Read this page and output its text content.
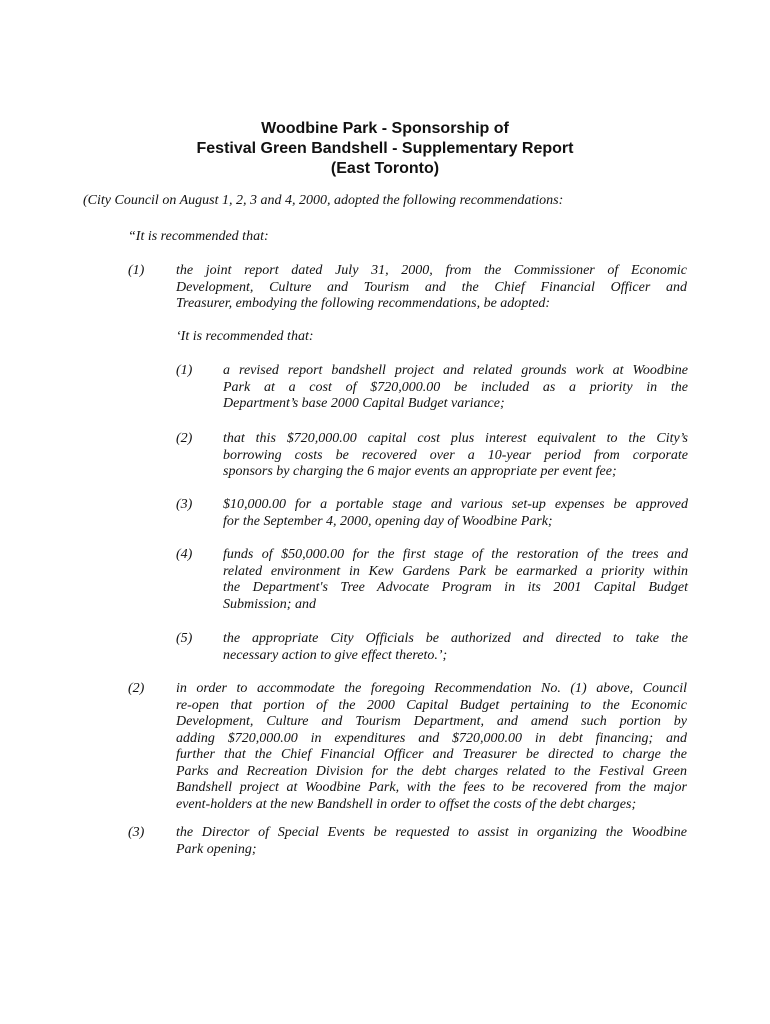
Woodbine Park - Sponsorship of
Festival Green Bandshell - Supplementary Report
(East Toronto)
(City Council on August 1, 2, 3 and 4, 2000, adopted the following recommendations:
“It is recommended that:
(1)	the joint report dated July 31, 2000, from the Commissioner of Economic
Development, Culture and Tourism and the Chief Financial Officer and
Treasurer, embodying the following recommendations, be adopted:
‘It is recommended that:
(1)	a revised report bandshell project and related grounds work at Woodbine
Park at a cost of $720,000.00 be included as a priority in the
Department’s base 2000 Capital Budget variance;
(2)	that this $720,000.00 capital cost plus interest equivalent to the City’s
borrowing costs be recovered over a 10-year period from corporate
sponsors by charging the 6 major events an appropriate per event fee;
(3)	$10,000.00 for a portable stage and various set-up expenses be approved
for the September 4, 2000, opening day of Woodbine Park;
(4)	funds of $50,000.00 for the first stage of the restoration of the trees and
related environment in Kew Gardens Park be earmarked a priority within
the Department's Tree Advocate Program in its 2001 Capital Budget
Submission; and
(5)	the appropriate City Officials be authorized and directed to take the
necessary action to give effect thereto.’;
(2)	in order to accommodate the foregoing Recommendation No. (1) above, Council
re-open that portion of the 2000 Capital Budget pertaining to the Economic
Development, Culture and Tourism Department, and amend such portion by
adding $720,000.00 in expenditures and $720,000.00 in debt financing; and
further that the Chief Financial Officer and Treasurer be directed to charge the
Parks and Recreation Division for the debt charges related to the Festival Green
Bandshell project at Woodbine Park, with the fees to be recovered from the major
event-holders at the new Bandshell in order to offset the costs of the debt charges;
(3)	the Director of Special Events be requested to assist in organizing the Woodbine
Park opening;
